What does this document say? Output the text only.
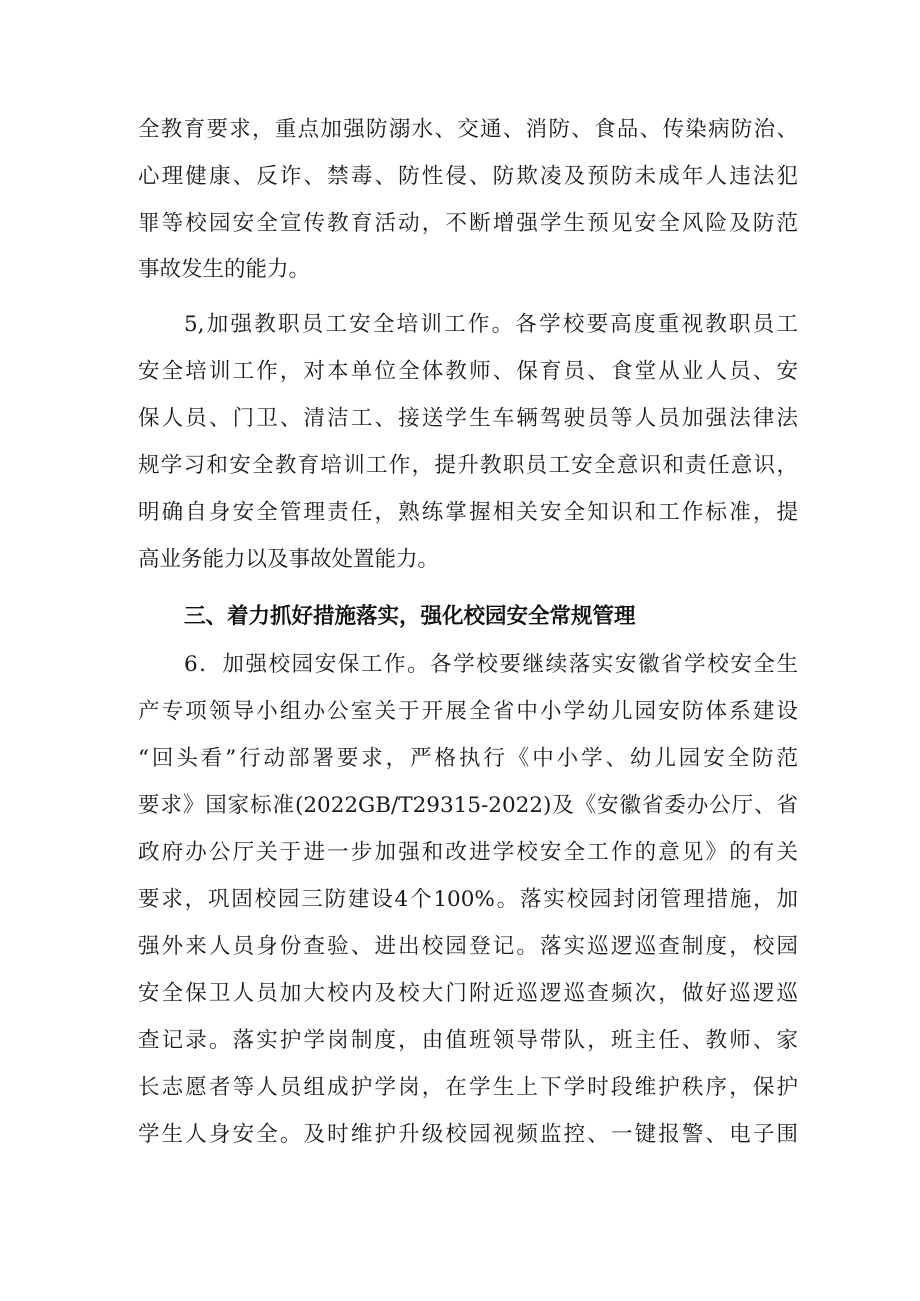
全教育要求，重点加强防溺水、交通、消防、食品、传染病防治、
心理健康、反诈、禁毒、防性侵、防欺凌及预防未成年人违法犯
罪等校园安全宣传教育活动，不断增强学生预见安全风险及防范
事故发生的能力。
5,加强教职员工安全培训工作。各学校要高度重视教职员工
安全培训工作，对本单位全体教师、保育员、食堂从业人员、安
保人员、门卫、清洁工、接送学生车辆驾驶员等人员加强法律法
规学习和安全教育培训工作，提升教职员工安全意识和责任意识，
明确自身安全管理责任，熟练掌握相关安全知识和工作标准，提
高业务能力以及事故处置能力。
三、着力抓好措施落实，强化校园安全常规管理
6．加强校园安保工作。各学校要继续落实安徽省学校安全生
产专项领导小组办公室关于开展全省中小学幼儿园安防体系建设
“回头看”行动部署要求，严格执行《中小学、幼儿园安全防范
要求》国家标准(2022GB/T29315-2022)及《安徽省委办公厅、省
政府办公厅关于进一步加强和改进学校安全工作的意见》的有关
要求，巩固校园三防建设4个100%。落实校园封闭管理措施，加
强外来人员身份查验、进出校园登记。落实巡逻巡查制度，校园
安全保卫人员加大校内及校大门附近巡逻巡查频次，做好巡逻巡
查记录。落实护学岗制度，由值班领导带队，班主任、教师、家
长志愿者等人员组成护学岗，在学生上下学时段维护秩序，保护
学生人身安全。及时维护升级校园视频监控、一键报警、电子围
